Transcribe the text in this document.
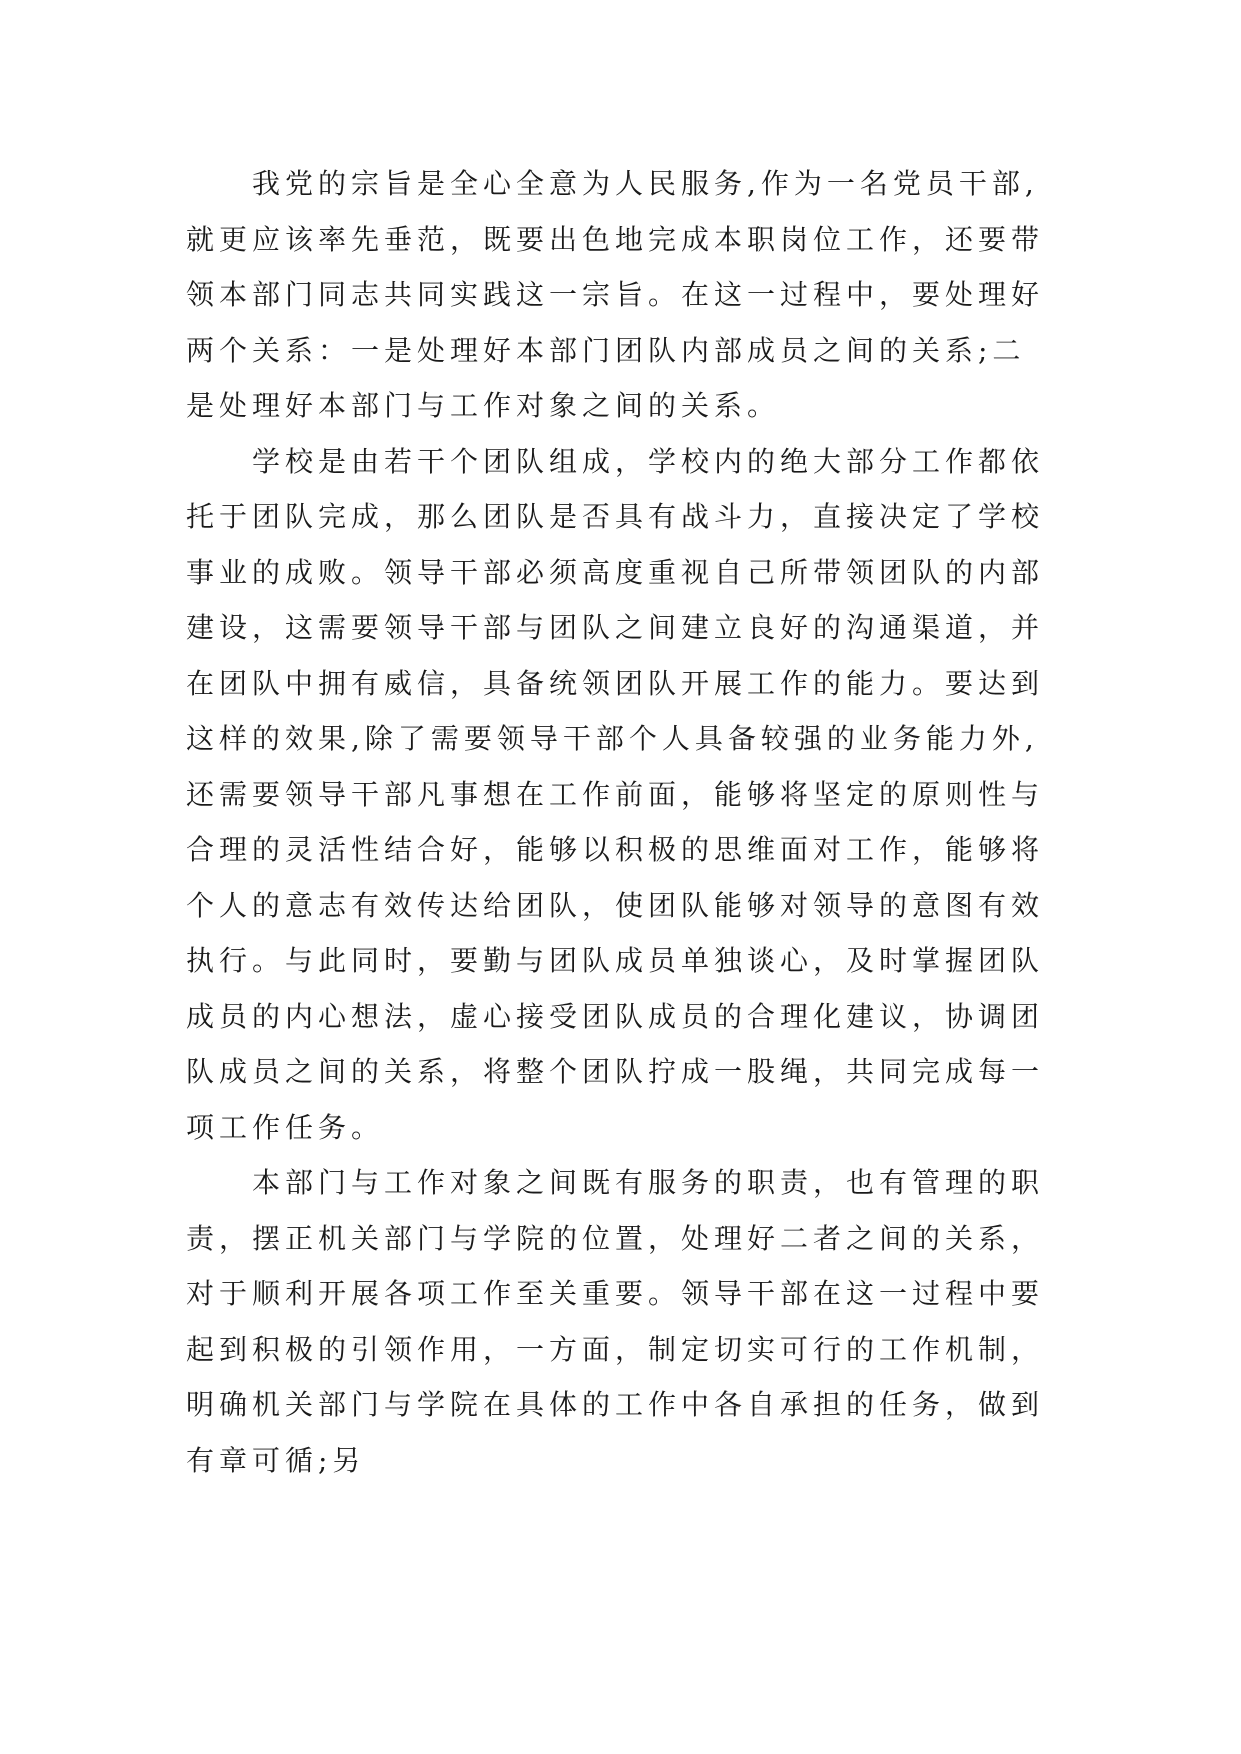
我党的宗旨是全心全意为人民服务,作为一名党员干部,
就更应该率先垂范，既要出色地完成本职岗位工作，还要带
领本部门同志共同实践这一宗旨。在这一过程中，要处理好
两个关系：一是处理好本部门团队内部成员之间的关系;二
是处理好本部门与工作对象之间的关系。

学校是由若干个团队组成，学校内的绝大部分工作都依
托于团队完成，那么团队是否具有战斗力，直接决定了学校
事业的成败。领导干部必须高度重视自己所带领团队的内部
建设，这需要领导干部与团队之间建立良好的沟通渠道，并
在团队中拥有威信，具备统领团队开展工作的能力。要达到
这样的效果,除了需要领导干部个人具备较强的业务能力外,
还需要领导干部凡事想在工作前面，能够将坚定的原则性与
合理的灵活性结合好，能够以积极的思维面对工作，能够将
个人的意志有效传达给团队，使团队能够对领导的意图有效
执行。与此同时，要勤与团队成员单独谈心，及时掌握团队
成员的内心想法，虚心接受团队成员的合理化建议，协调团
队成员之间的关系，将整个团队拧成一股绳，共同完成每一
项工作任务。

本部门与工作对象之间既有服务的职责，也有管理的职
责，摆正机关部门与学院的位置，处理好二者之间的关系，
对于顺利开展各项工作至关重要。领导干部在这一过程中要
起到积极的引领作用，一方面，制定切实可行的工作机制，
明确机关部门与学院在具体的工作中各自承担的任务，做到
有章可循;另
